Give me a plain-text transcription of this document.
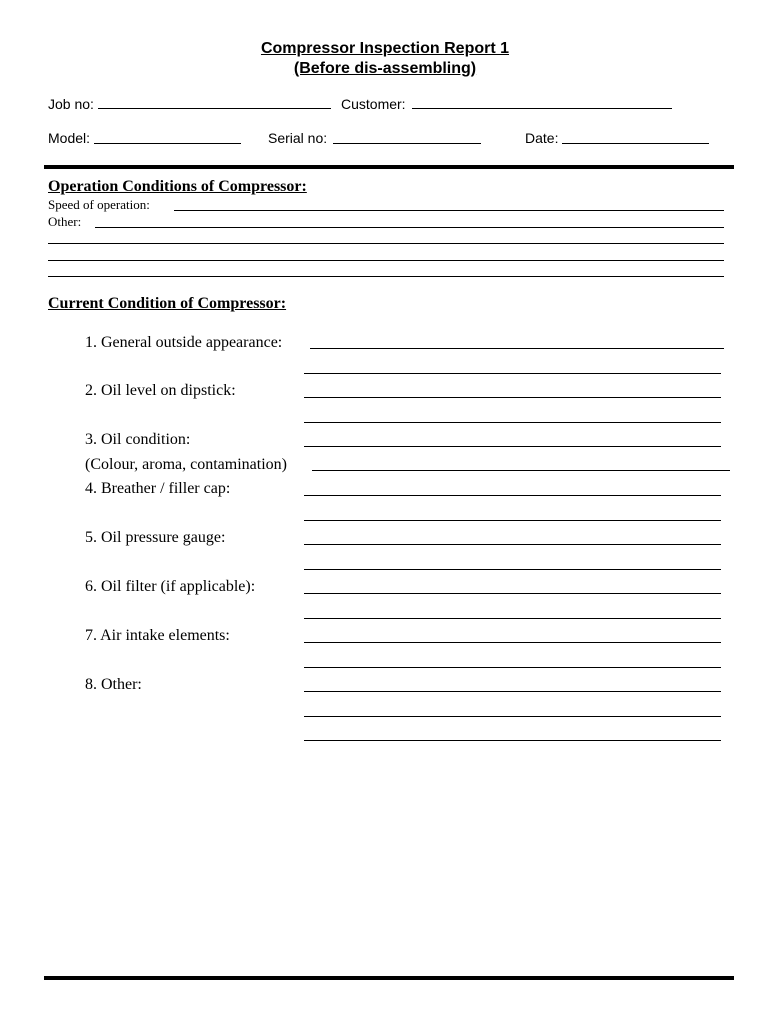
Compressor Inspection Report 1
(Before dis-assembling)
Job no:	Customer:
Model:	Serial no:	Date:
Operation Conditions of Compressor:
Speed of operation:
Other:
Current Condition of Compressor:
1. General outside appearance:
2. Oil level on dipstick:
3. Oil condition:
(Colour, aroma, contamination)
4. Breather / filler cap:
5. Oil pressure gauge:
6. Oil filter (if applicable):
7. Air intake elements:
8. Other:
